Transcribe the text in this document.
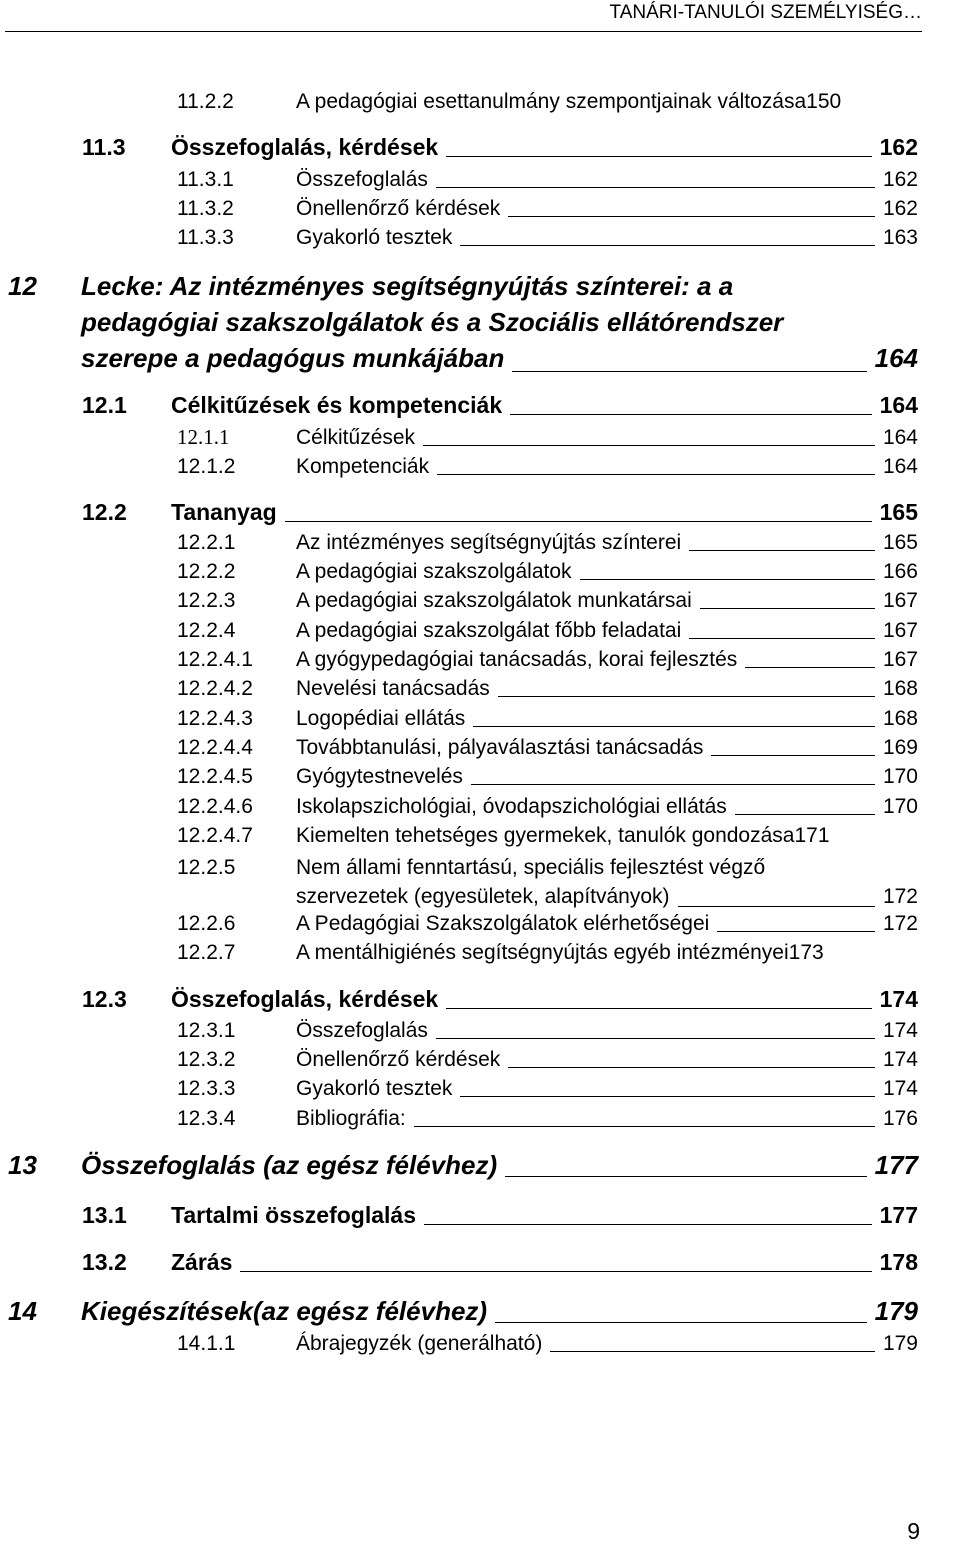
TANÁRI-TANULÓI SZEMÉLYISÉG…
11.2.2	A pedagógiai esettanulmány szempontjainak változása 150
11.3	Összefoglalás, kérdések	162
11.3.1	Összefoglalás	162
11.3.2	Önellenőrző kérdések	162
11.3.3	Gyakorló tesztek	163
12 Lecke: Az intézményes segítségnyújtás színterei: a a
pedagógiai szakszolgálatok és a Szociális ellátórendszer
szerepe a pedagógus munkájában	164
12.1	Célkitűzések és kompetenciák	164
12.1.1	Célkitűzések	164
12.1.2	Kompetenciák	164
12.2	Tananyag	165
12.2.1	Az intézményes segítségnyújtás színterei	165
12.2.2	A pedagógiai szakszolgálatok	166
12.2.3	A pedagógiai szakszolgálatok munkatársai	167
12.2.4	A pedagógiai szakszolgálat főbb feladatai	167
12.2.4.1	A gyógypedagógiai tanácsadás, korai fejlesztés	167
12.2.4.2	Nevelési tanácsadás	168
12.2.4.3	Logopédiai ellátás	168
12.2.4.4	Továbbtanulási, pályaválasztási tanácsadás	169
12.2.4.5	Gyógytestnevelés	170
12.2.4.6	Iskolapszichológiai, óvodapszichológiai ellátás	170
12.2.4.7	Kiemelten tehetséges gyermekek, tanulók gondozása 171
12.2.5	Nem állami fenntartású, speciális fejlesztést végző
szervezetek (egyesületek, alapítványok)	172
12.2.6	A Pedagógiai Szakszolgálatok elérhetőségei	172
12.2.7	A mentálhigiénés segítségnyújtás egyéb intézményei 173
12.3	Összefoglalás, kérdések	174
12.3.1	Összefoglalás	174
12.3.2	Önellenőrző kérdések	174
12.3.3	Gyakorló tesztek	174
12.3.4	Bibliográfia:	176
13	Összefoglalás (az egész félévhez)	177
13.1	Tartalmi összefoglalás	177
13.2	Zárás	178
14	Kiegészítések(az egész félévhez)	179
14.1.1	Ábrajegyzék (generálható)	179
9
